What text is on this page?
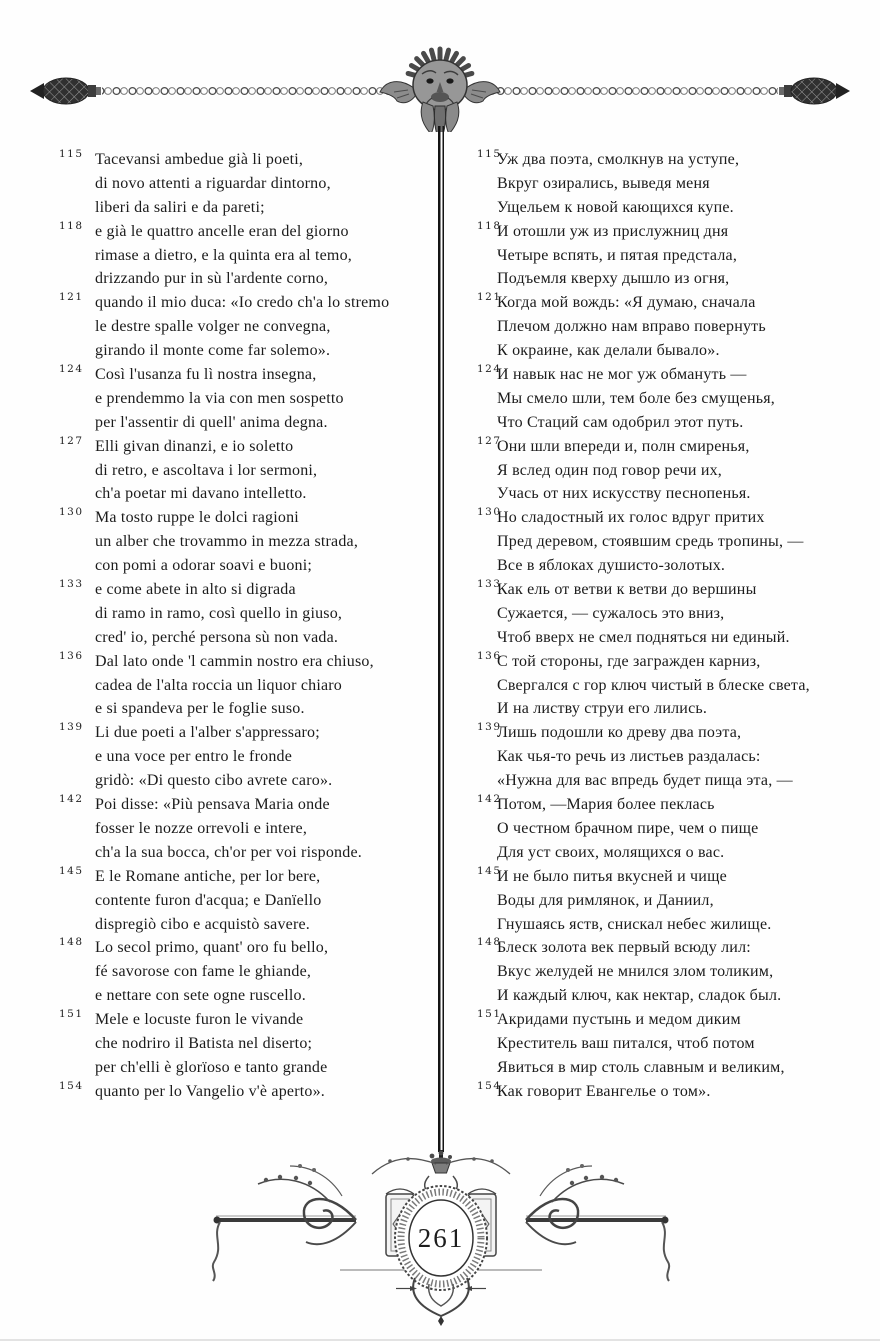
115 Tacevansi ambedue già li poeti,
di novo attenti a riguardar dintorno,
liberi da saliri e da pareti;
118 e già le quattro ancelle eran del giorno
rimase a dietro, e la quinta era al temo,
drizzando pur in sù l'ardente corno,
121 quando il mio duca: «Io credo ch'a lo stremo
le destre spalle volger ne convegna,
girando il monte come far solemo».
124 Così l'usanza fu lì nostra insegna,
e prendemmo la via con men sospetto
per l'assentir di quell' anima degna.
127 Elli givan dinanzi, e io soletto
di retro, e ascoltava i lor sermoni,
ch'a poetar mi davano intelletto.
130 Ma tosto ruppe le dolci ragioni
un alber che trovammo in mezza strada,
con pomi a odorar soavi e buoni;
133 e come abete in alto si digrada
di ramo in ramo, così quello in giuso,
cred' io, perché persona sù non vada.
136 Dal lato onde 'l cammin nostro era chiuso,
cadea de l'alta roccia un liquor chiaro
e si spandeva per le foglie suso.
139 Li due poeti a l'alber s'appressaro;
e una voce per entro le fronde
gridò: «Di questo cibo avrete caro».
142 Poi disse: «Più pensava Maria onde
fosser le nozze orrevoli e intere,
ch'a la sua bocca, ch'or per voi risponde.
145 E le Romane antiche, per lor bere,
contente furon d'acqua; e Danïello
dispregiò cibo e acquistò savere.
148 Lo secol primo, quant' oro fu bello,
fé savorose con fame le ghiande,
e nettare con sete ogne ruscello.
151 Mele e locuste furon le vivande
che nodriro il Batista nel diserto;
per ch'elli è glorïoso e tanto grande
154 quanto per lo Vangelio v'è aperto».
115
Уж два поэта, смолкнув на уступе,
Вкруг озирались, выведя меня
Ущельем к новой кающихся купе.
118
И отошли уж из прислужниц дня
Четыре вспять, и пятая предстала,
Подъемля кверху дышло из огня,
121
Когда мой вождь: «Я думаю, сначала
Плечом должно нам вправо повернуть
К окраине, как делали бывало».
124
И навык нас не мог уж обмануть —
Мы смело шли, тем боле без смущенья,
Что Стаций сам одобрил этот путь.
127
Они шли впереди и, полн смиренья,
Я вслед один под говор речи их,
Учась от них искусству песнопенья.
130
Но сладостный их голос вдруг притих
Пред деревом, стоявшим средь тропины, —
Все в яблоках душисто-золотых.
133
Как ель от ветви к ветви до вершины
Сужается, — сужалось это вниз,
Чтоб вверх не смел подняться ни единый.
136
С той стороны, где загражден карниз,
Свергался с гор ключ чистый в блеске света,
И на листву струи его лились.
139
Лишь подошли ко древу два поэта,
Как чья-то речь из листьев раздалась:
«Нужна для вас впредь будет пища эта, —
142
Потом, —Мария более пеклась
О честном брачном пире, чем о пище
Для уст своих, молящихся о вас.
145
И не было питья вкусней и чище
Воды для римлянок, и Даниил,
Гнушаясь яств, снискал небес жилище.
148
Блеск золота век первый всюду лил:
Вкус желудей не мнился злом толиким,
И каждый ключ, как нектар, сладок был.
151
Акридами пустынь и медом диким
Креститель ваш питался, чтоб потом
Явиться в мир столь славным и великим,
154
Как говорит Евангелье о том».
261
